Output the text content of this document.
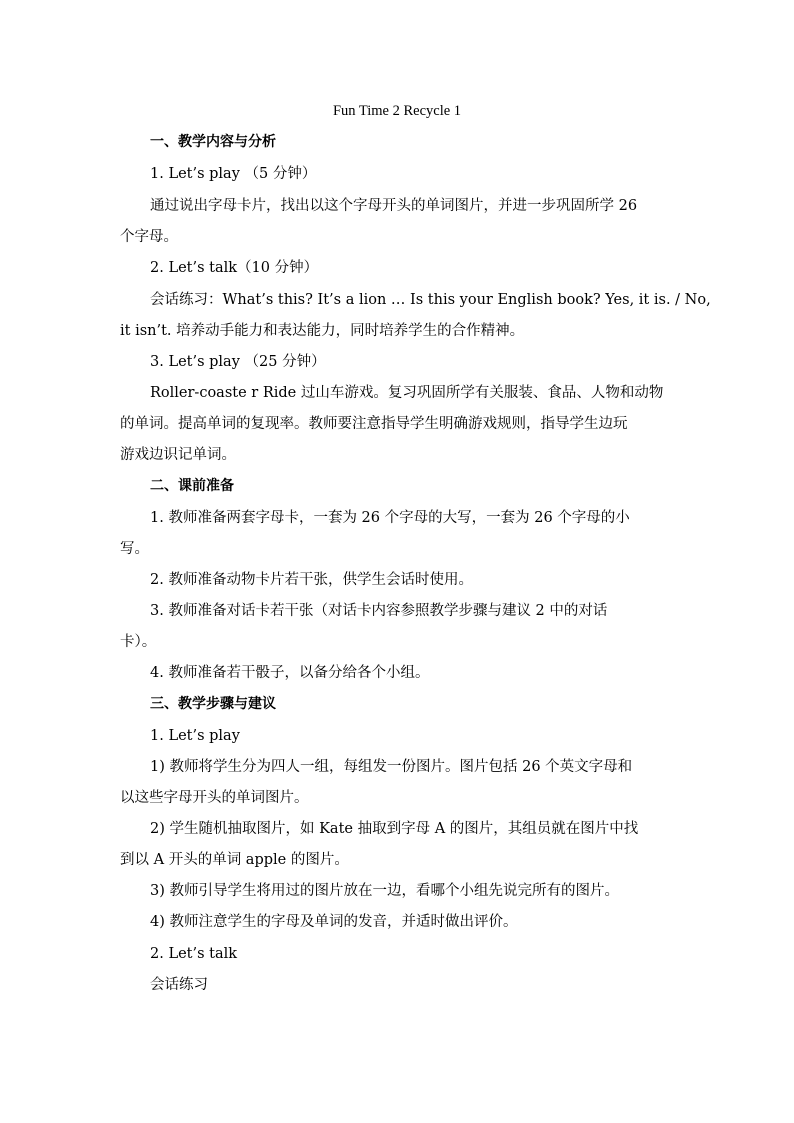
Fun Time 2 Recycle 1
一、教学内容与分析
1. Let’s play （5 分钟）
通过说出字母卡片，找出以这个字母开头的单词图片，并进一步巩固所学 26
个字母。
2. Let’s talk（10 分钟）
会话练习：What’s this? It’s a lion … Is this your English book? Yes, it is. / No,
it isn’t. 培养动手能力和表达能力，同时培养学生的合作精神。
3. Let’s play （25 分钟）
Roller-coaste r Ride 过山车游戏。复习巩固所学有关服装、食品、人物和动物
的单词。提高单词的复现率。教师要注意指导学生明确游戏规则，指导学生边玩
游戏边识记单词。
二、课前准备
1. 教师准备两套字母卡，一套为 26 个字母的大写，一套为 26 个字母的小
写。
2. 教师准备动物卡片若干张，供学生会话时使用。
3. 教师准备对话卡若干张（对话卡内容参照教学步骤与建议 2 中的对话
卡）。
4. 教师准备若干骰子，以备分给各个小组。
三、教学步骤与建议
1. Let’s play
1) 教师将学生分为四人一组，每组发一份图片。图片包括 26 个英文字母和
以这些字母开头的单词图片。
2) 学生随机抽取图片，如 Kate 抽取到字母 A 的图片，其组员就在图片中找
到以 A 开头的单词 apple 的图片。
3) 教师引导学生将用过的图片放在一边，看哪个小组先说完所有的图片。
4) 教师注意学生的字母及单词的发音，并适时做出评价。
2. Let’s talk
会话练习
